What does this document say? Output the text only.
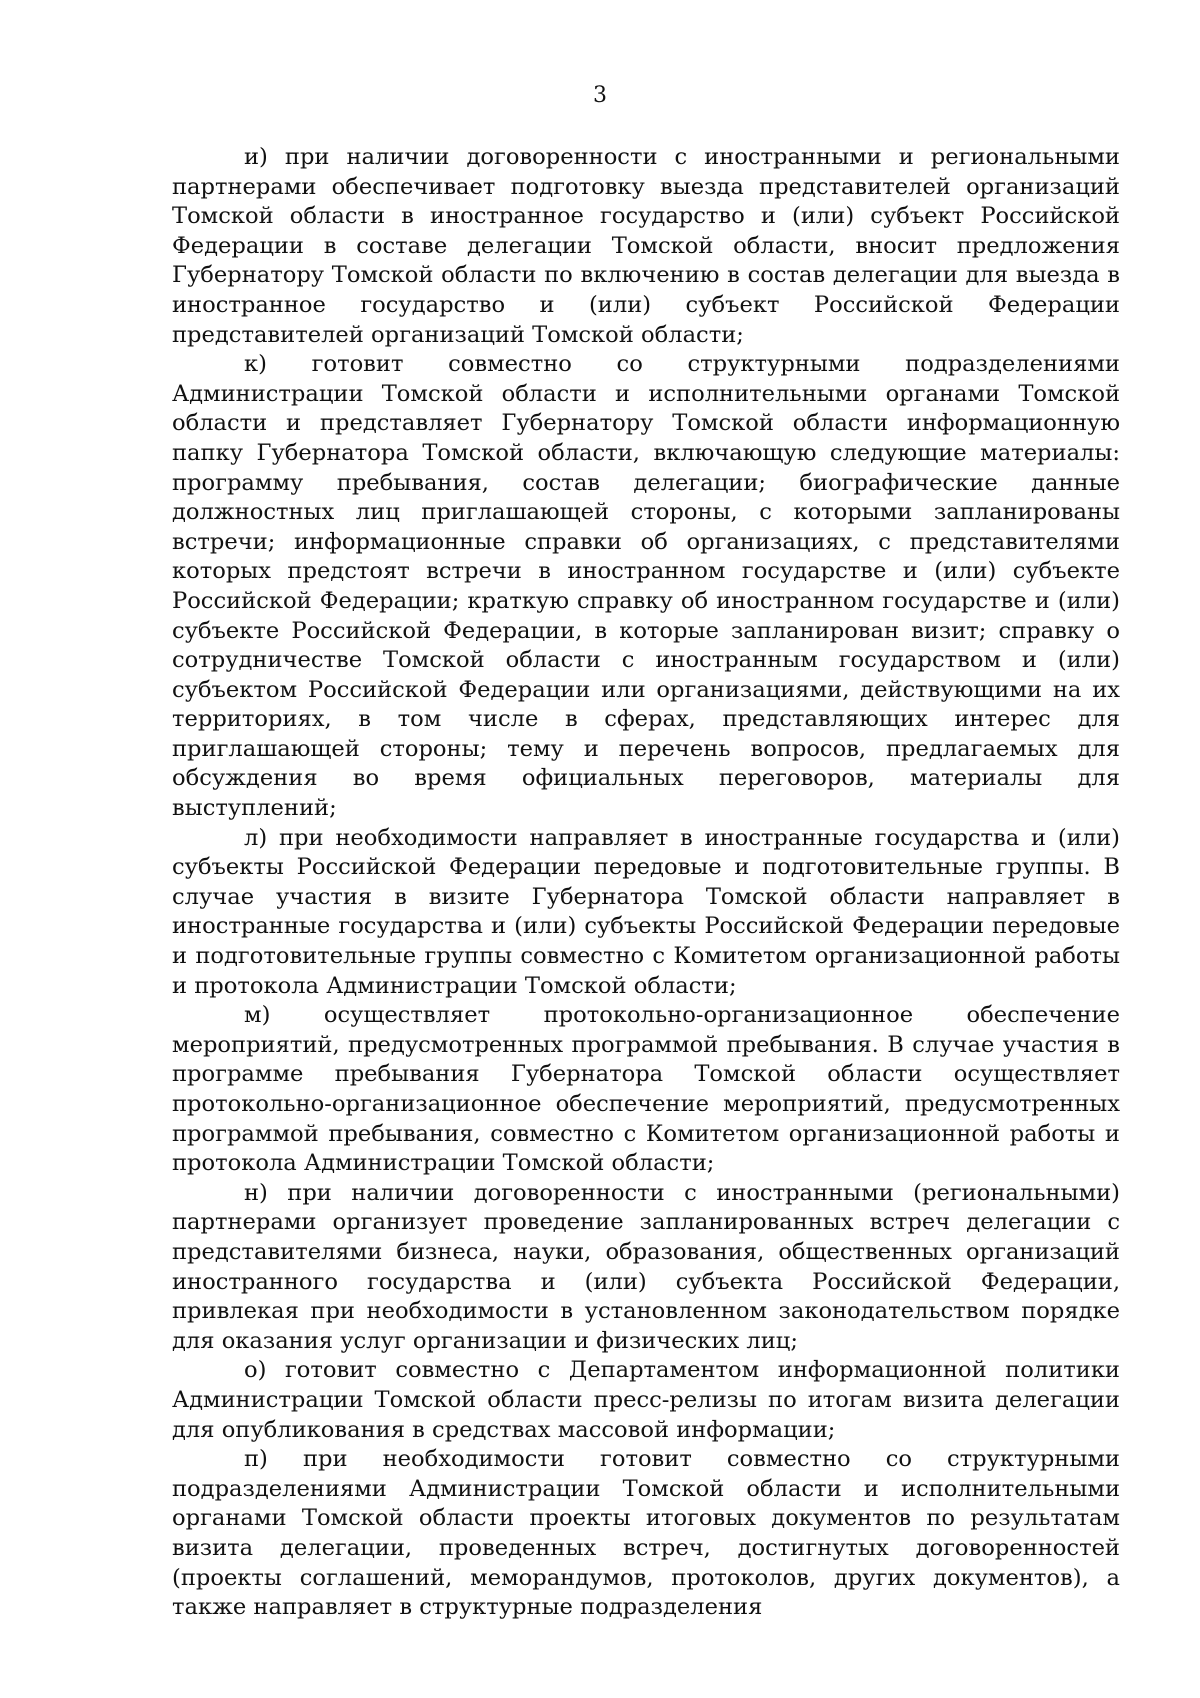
3

и) при наличии договоренности с иностранными и региональными партнерами обеспечивает подготовку выезда представителей организаций Томской области в иностранное государство и (или) субъект Российской Федерации в составе делегации Томской области, вносит предложения Губернатору Томской области по включению в состав делегации для выезда в иностранное государство и (или) субъект Российской Федерации представителей организаций Томской области;

к) готовит совместно со структурными подразделениями Администрации Томской области и исполнительными органами Томской области и представляет Губернатору Томской области информационную папку Губернатора Томской области, включающую следующие материалы: программу пребывания, состав делегации; биографические данные должностных лиц приглашающей стороны, с которыми запланированы встречи; информационные справки об организациях, с представителями которых предстоят встречи в иностранном государстве и (или) субъекте Российской Федерации; краткую справку об иностранном государстве и (или) субъекте Российской Федерации, в которые запланирован визит; справку о сотрудничестве Томской области с иностранным государством и (или) субъектом Российской Федерации или организациями, действующими на их территориях, в том числе в сферах, представляющих интерес для приглашающей стороны; тему и перечень вопросов, предлагаемых для обсуждения во время официальных переговоров, материалы для выступлений;

л) при необходимости направляет в иностранные государства и (или) субъекты Российской Федерации передовые и подготовительные группы. В случае участия в визите Губернатора Томской области направляет в иностранные государства и (или) субъекты Российской Федерации передовые и подготовительные группы совместно с Комитетом организационной работы и протокола Администрации Томской области;

м) осуществляет протокольно-организационное обеспечение мероприятий, предусмотренных программой пребывания. В случае участия в программе пребывания Губернатора Томской области осуществляет протокольно-организационное обеспечение мероприятий, предусмотренных программой пребывания, совместно с Комитетом организационной работы и протокола Администрации Томской области;

н) при наличии договоренности с иностранными (региональными) партнерами организует проведение запланированных встреч делегации с представителями бизнеса, науки, образования, общественных организаций иностранного государства и (или) субъекта Российской Федерации, привлекая при необходимости в установленном законодательством порядке для оказания услуг организации и физических лиц;

о) готовит совместно с Департаментом информационной политики Администрации Томской области пресс-релизы по итогам визита делегации для опубликования в средствах массовой информации;

п) при необходимости готовит совместно со структурными подразделениями Администрации Томской области и исполнительными органами Томской области проекты итоговых документов по результатам визита делегации, проведенных встреч, достигнутых договоренностей (проекты соглашений, меморандумов, протоколов, других документов), а также направляет в структурные подразделения
